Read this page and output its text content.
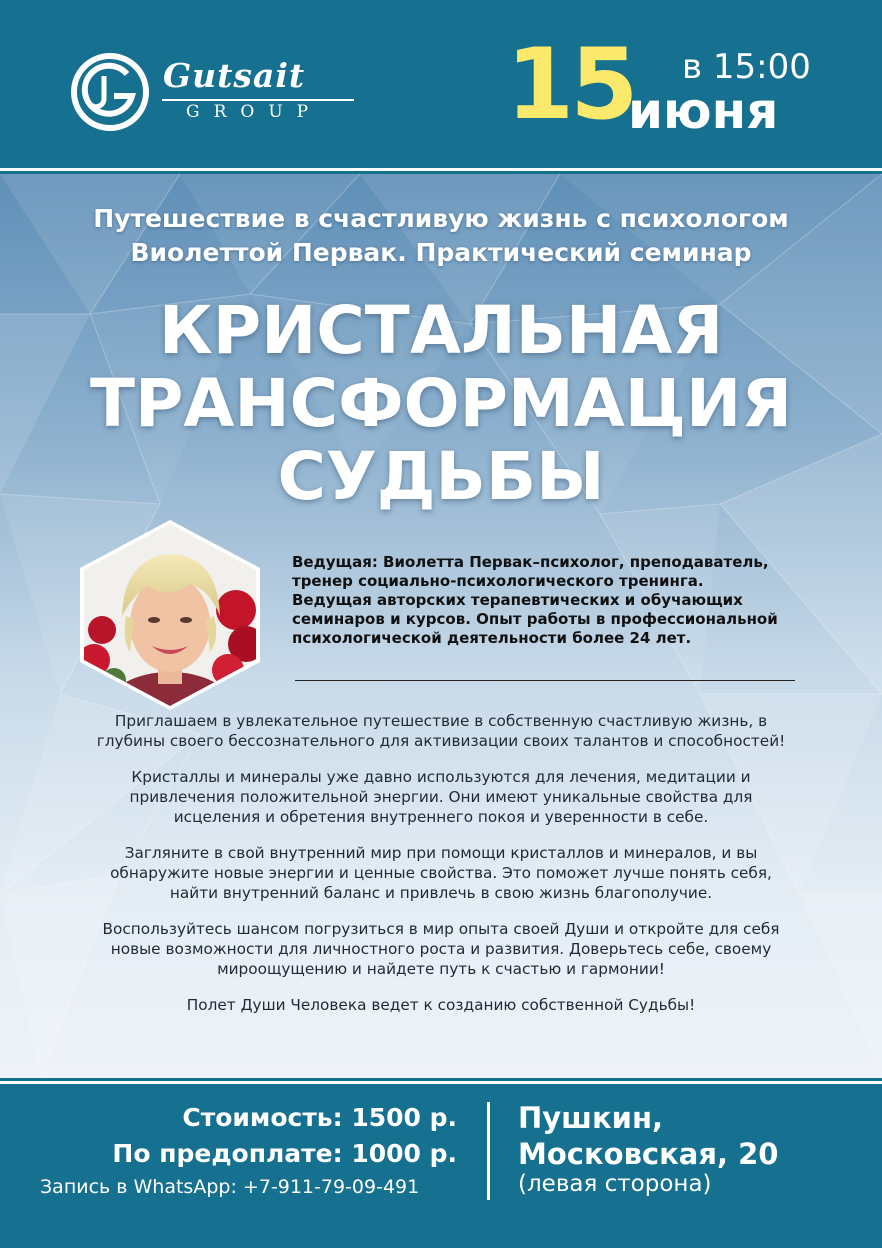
Gutsait
GROUP 15 в 15:00
июня
Путешествие в счастливую жизнь с психологом
Виолеттой Первак. Практический семинар
КРИСТАЛЬНАЯ
ТРАНСФОРМАЦИЯ
СУДЬБЫ
Ведущая: Виолетта Первак–психолог, преподаватель,
тренер социально-психологического тренинга.
Ведущая авторских терапевтических и обучающих
семинаров и курсов. Опыт работы в профессиональной
психологической деятельности более 24 лет.

Приглашаем в увлекательное путешествие в собственную счастливую жизнь, в
глубины своего бессознательного для активизации своих талантов и способностей!

Кристаллы и минералы уже давно используются для лечения, медитации и
привлечения положительной энергии. Они имеют уникальные свойства для
исцеления и обретения внутреннего покоя и уверенности в себе.

Загляните в свой внутренний мир при помощи кристаллов и минералов, и вы
обнаружите новые энергии и ценные свойства. Это поможет лучше понять себя,
найти внутренний баланс и привлечь в свою жизнь благополучие.

Воспользуйтесь шансом погрузиться в мир опыта своей Души и откройте для себя
новые возможности для личностного роста и развития. Доверьтесь себе, своему
мироощущению и найдете путь к счастью и гармонии!

Полет Души Человека ведет к созданию собственной Судьбы!

Стоимость: 1500 р.
По предоплате: 1000 р.
Запись в WhatsApp: +7-911-79-09-491
Пушкин,
Московская, 20
(левая сторона)
